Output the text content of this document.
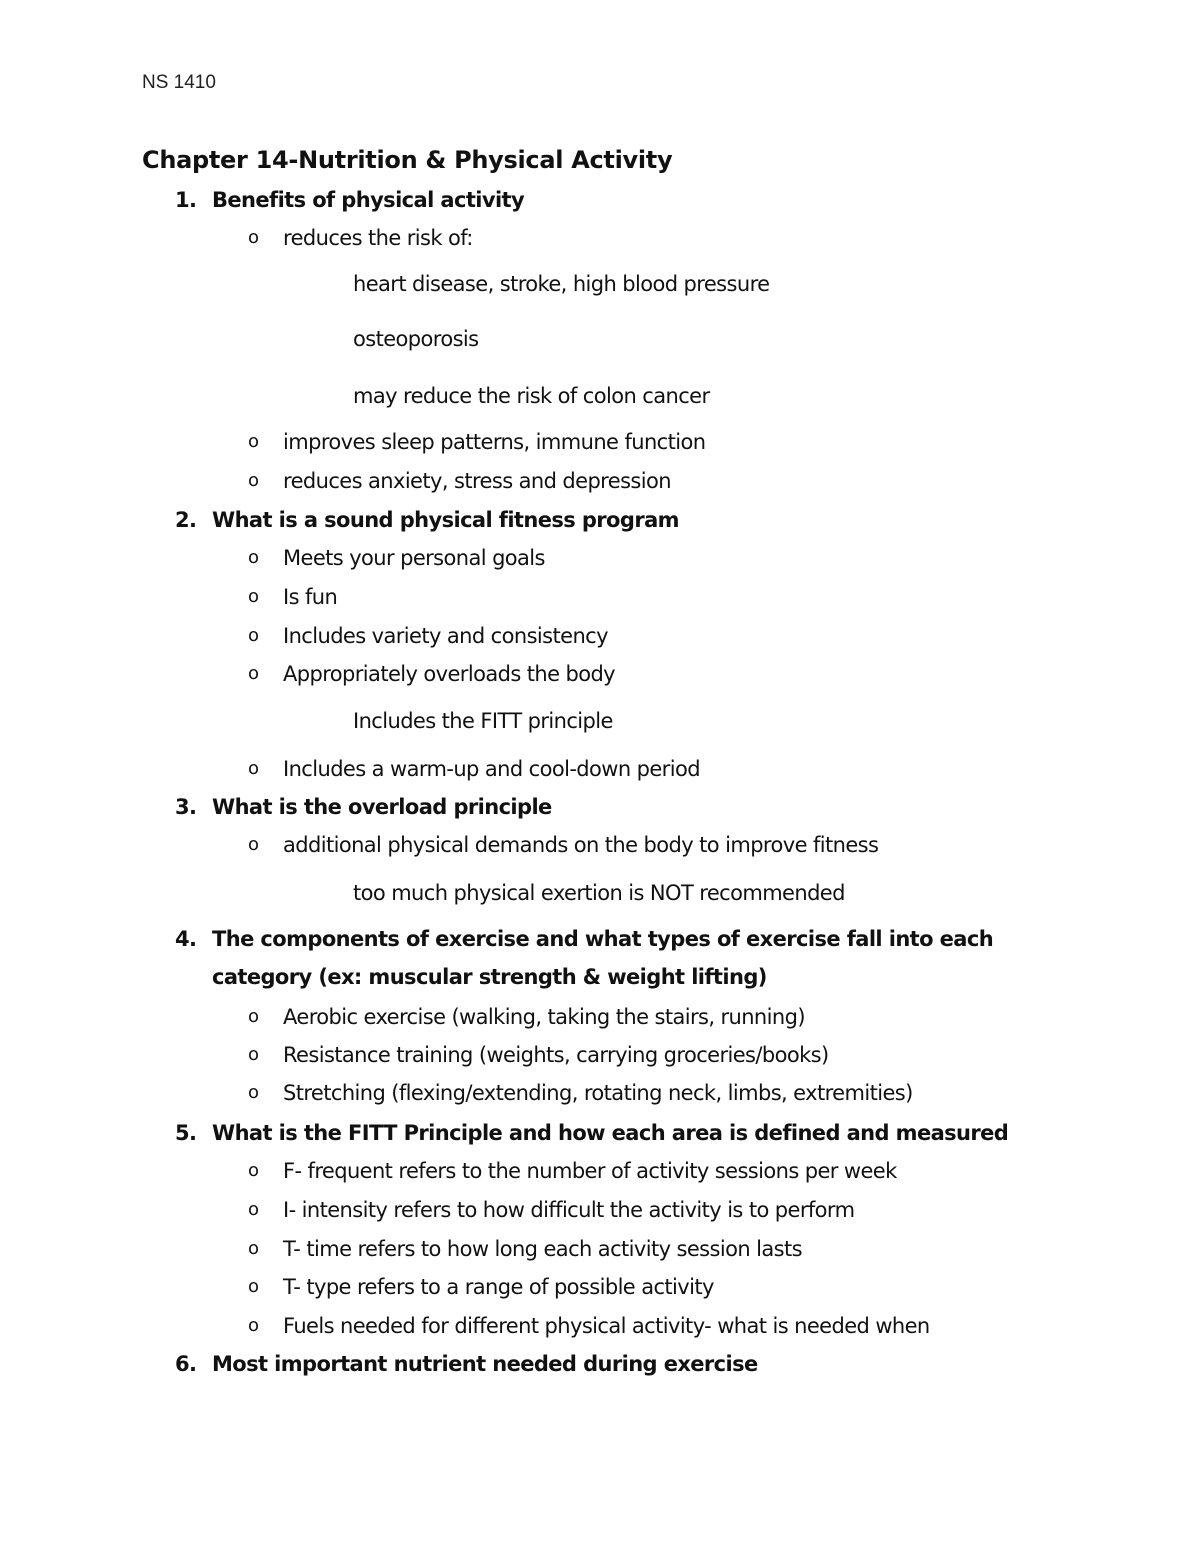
NS 1410
Chapter 14-Nutrition & Physical Activity
1. Benefits of physical activity
o reduces the risk of:
heart disease, stroke, high blood pressure
osteoporosis
may reduce the risk of colon cancer
o improves sleep patterns, immune function
o reduces anxiety, stress and depression
2. What is a sound physical fitness program
o Meets your personal goals
o Is fun
o Includes variety and consistency
o Appropriately overloads the body
Includes the FITT principle
o Includes a warm-up and cool-down period
3. What is the overload principle
o additional physical demands on the body to improve fitness
too much physical exertion is NOT recommended
4. The components of exercise and what types of exercise fall into each
category (ex: muscular strength & weight lifting)
o Aerobic exercise (walking, taking the stairs, running)
o Resistance training (weights, carrying groceries/books)
o Stretching (flexing/extending, rotating neck, limbs, extremities)
5. What is the FITT Principle and how each area is defined and measured
o F- frequent refers to the number of activity sessions per week
o I- intensity refers to how difficult the activity is to perform
o T- time refers to how long each activity session lasts
o T- type refers to a range of possible activity
o Fuels needed for different physical activity- what is needed when
6. Most important nutrient needed during exercise
